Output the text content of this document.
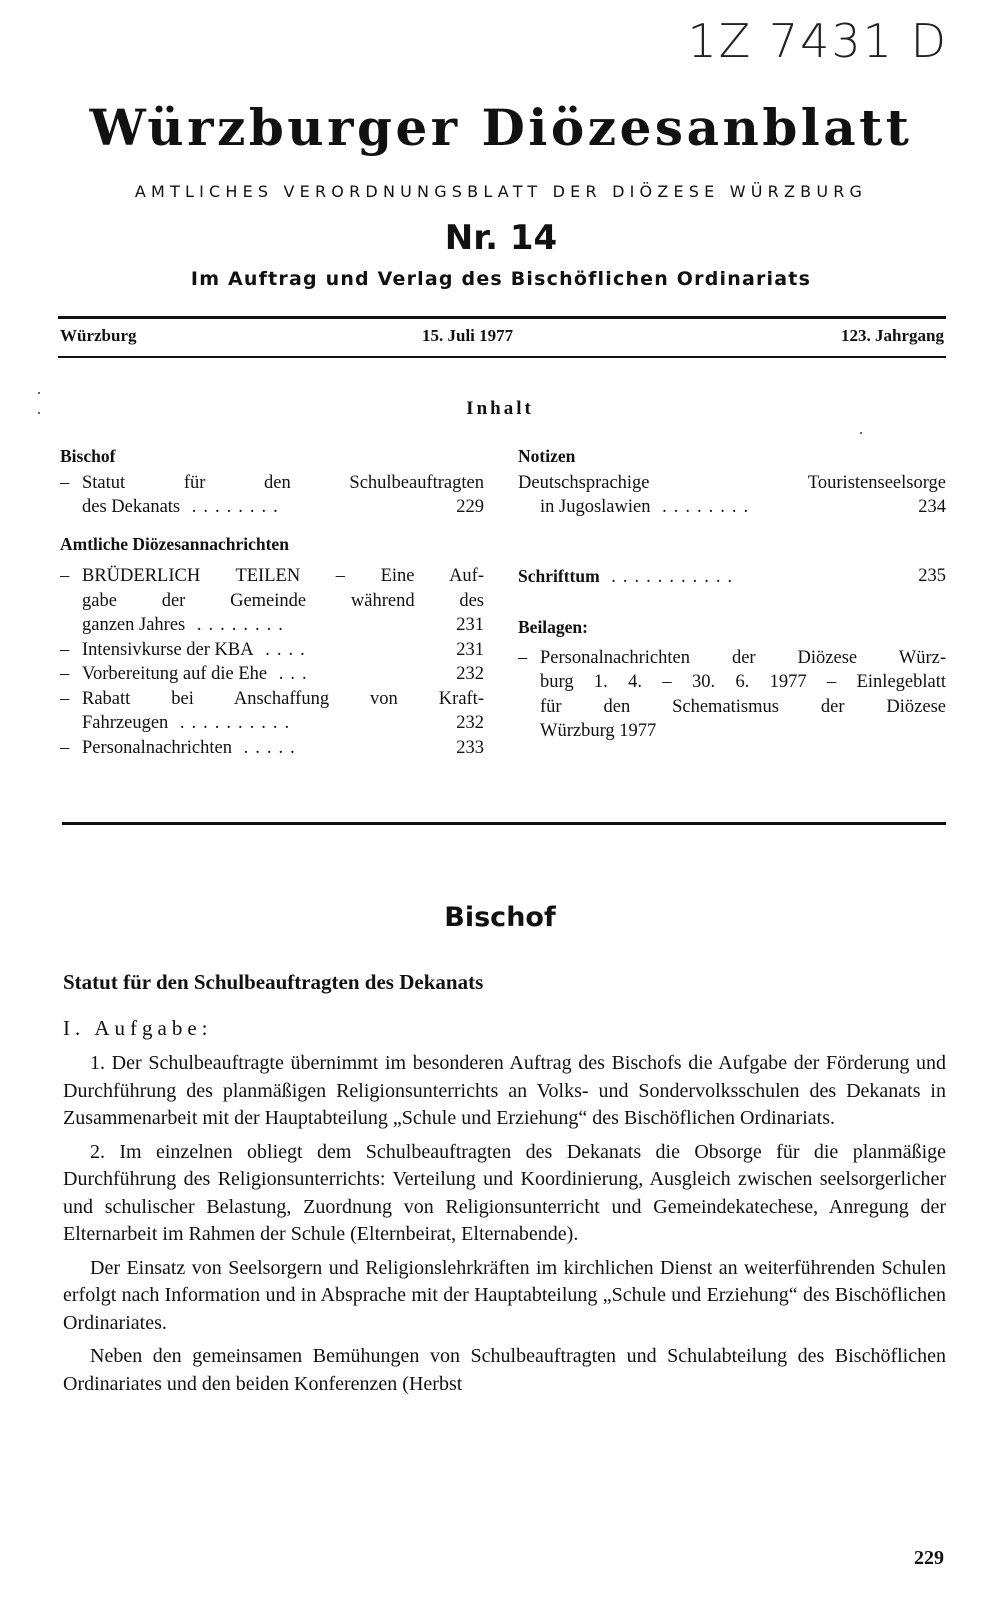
1Z 7431 D
Würzburger Diözesanblatt
AMTLICHES VERORDNUNGSBLATT DER DIÖZESE WÜRZBURG
Nr. 14
Im Auftrag und Verlag des Bischöflichen Ordinariats
Würzburg	15. Juli 1977	123. Jahrgang
Inhalt
Bischof
– Statut für den Schulbeauftragten
des Dekanats ........	229
Amtliche Diözesannachrichten
– BRÜDERLICH TEILEN – Eine Auf-
gabe der Gemeinde während des
ganzen Jahres ........	231
– Intensivkurse der KBA ....	231
– Vorbereitung auf die Ehe ...	232
– Rabatt bei Anschaffung von Kraft-
Fahrzeugen ..........	232
– Personalnachrichten .....	233
Notizen
Deutschsprachige Touristenseelsorge
in Jugoslawien ........	234
Schrifttum ...........	235
Beilagen:
– Personalnachrichten der Diözese Würz-
burg 1. 4. – 30. 6. 1977 – Einlegeblatt
für den Schematismus der Diözese
Würzburg 1977
Bischof
Statut für den Schulbeauftragten des Dekanats
I. Aufgabe:

1. Der Schulbeauftragte übernimmt im besonderen Auftrag des Bischofs die Aufgabe der Förderung und Durchführung des planmäßigen Religionsunterrichts an Volks- und Sondervolksschulen des Dekanats in Zusammenarbeit mit der Hauptabteilung „Schule und Erziehung“ des Bischöflichen Ordinariats.

2. Im einzelnen obliegt dem Schulbeauftragten des Dekanats die Obsorge für die planmäßige Durchführung des Religionsunterrichts: Verteilung und Koordinierung, Ausgleich zwischen seelsorgerlicher und schulischer Belastung, Zuordnung von Religionsunterricht und Gemeindekatechese, Anregung der Elternarbeit im Rahmen der Schule (Elternbeirat, Elternabende).

Der Einsatz von Seelsorgern und Religionslehrkräften im kirchlichen Dienst an weiterführenden Schulen erfolgt nach Information und in Absprache mit der Hauptabteilung „Schule und Erziehung“ des Bischöflichen Ordinariates.

Neben den gemeinsamen Bemühungen von Schulbeauftragten und Schulabteilung des Bischöflichen Ordinariates und den beiden Konferenzen (Herbst

229
